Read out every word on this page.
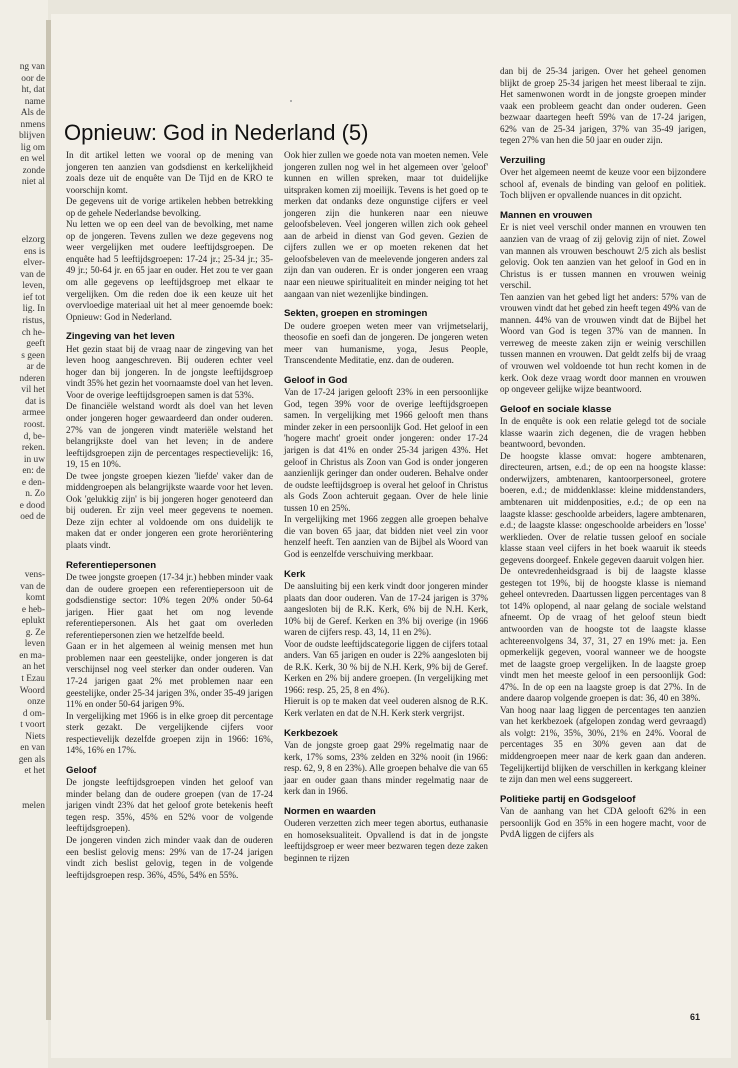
ng van
oor de
ht, dat
name
Als de
nmens
blijven
lig om
en wel
zonde
niet al
elzorg
ens is
elver-
van de
leven,
ief tot
lig. In
ristus,
ch he-
geeft
s geen
ar de
nderen
vil het
dat is
armee
roost.
d, be-
reken.
in uw
en: de
e den-
n. Zo
e dood
oed de
vens-
van de
komt
e heb-
eplukt
g. Ze
leven
en ma-
an het
t Ezau
Woord
onze
d om-
t voort
Niets
en van
gen als
et het
melen
Opnieuw: God in Nederland (5)

In dit artikel letten we vooral op de mening van jongeren ten aanzien van godsdienst en kerkelijkheid zoals deze uit de enquête van De Tijd en de KRO te voorschijn komt.

De gegevens uit de vorige artikelen hebben betrekking op de gehele Nederlandse bevolking.

Nu letten we op een deel van de bevolking, met name op de jongeren. Tevens zullen we deze gegevens nog weer vergelijken met oudere leeftijdsgroepen. De enquête had 5 leeftijdsgroepen: 17-24 jr.; 25-34 jr.; 35-49 jr.; 50-64 jr. en 65 jaar en ouder. Het zou te ver gaan om alle gegevens op leeftijdsgroep met elkaar te vergelijken. Om die reden doe ik een keuze uit het overvloedige materiaal uit het al meer genoemde boek: Opnieuw: God in Nederland.

Zingeving van het leven

Het gezin staat bij de vraag naar de zingeving van het leven hoog aangeschreven. Bij ouderen echter veel hoger dan bij jongeren. In de jongste leeftijdsgroep vindt 35% het gezin het voornaamste doel van het leven. Voor de overige leeftijdsgroepen samen is dat 53%.

De financiële welstand wordt als doel van het leven onder jongeren hoger gewaardeerd dan onder ouderen. 27% van de jongeren vindt materiële welstand het belangrijkste doel van het leven; in de andere leeftijdsgroepen zijn de percentages respectievelijk: 16, 19, 15 en 10%.

De twee jongste groepen kiezen 'liefde' vaker dan de middengroepen als belangrijkste waarde voor het leven. Ook 'gelukkig zijn' is bij jongeren hoger genoteerd dan bij ouderen. Er zijn veel meer gegevens te noemen. Deze zijn echter al voldoende om ons duidelijk te maken dat er onder jongeren een grote heroriëntering plaats vindt.

Referentiepersonen

De twee jongste groepen (17-34 jr.) hebben minder vaak dan de oudere groepen een referentiepersoon uit de godsdienstige sector: 10% tegen 20% onder 50-64 jarigen. Hier gaat het om nog levende referentiepersonen. Als het gaat om overleden referentiepersonen zien we hetzelfde beeld.

Gaan er in het algemeen al weinig mensen met hun problemen naar een geestelijke, onder jongeren is dat verschijnsel nog veel sterker dan onder ouderen. Van 17-24 jarigen gaat 2% met problemen naar een geestelijke, onder 25-34 jarigen 3%, onder 35-49 jarigen 11% en onder 50-64 jarigen 9%.

In vergelijking met 1966 is in elke groep dit percentage sterk gezakt. De vergelijkende cijfers voor respectievelijk dezelfde groepen zijn in 1966: 16%, 14%, 16% en 17%.

Geloof

De jongste leeftijdsgroepen vinden het geloof van minder belang dan de oudere groepen (van de 17-24 jarigen vindt 23% dat het geloof grote betekenis heeft tegen resp. 35%, 45% en 52% voor de volgende leeftijdsgroepen).

De jongeren vinden zich minder vaak dan de ouderen een beslist gelovig mens: 29% van de 17-24 jarigen vindt zich beslist gelovig, tegen in de volgende leeftijdsgroepen resp. 36%, 45%, 54% en 55%.

Ook hier zullen we goede nota van moeten nemen. Vele jongeren zullen nog wel in het algemeen over 'geloof' kunnen en willen spreken, maar tot duidelijke uitspraken komen zij moeilijk. Tevens is het goed op te merken dat ondanks deze ongunstige cijfers er veel jongeren zijn die hunkeren naar een nieuwe geloofsbeleven. Veel jongeren willen zich ook geheel aan de arbeid in dienst van God geven. Gezien de cijfers zullen we er op moeten rekenen dat het geloofsbeleven van de meelevende jongeren anders zal zijn dan van ouderen. Er is onder jongeren een vraag naar een nieuwe spiritualiteit en minder neiging tot het aangaan van niet wezenlijke bindingen.

Sekten, groepen en stromingen

De oudere groepen weten meer van vrijmetselarij, theosofie en soefi dan de jongeren. De jongeren weten meer van humanisme, yoga, Jesus People, Transcendente Meditatie, enz. dan de ouderen.

Geloof in God

Van de 17-24 jarigen gelooft 23% in een persoonlijke God, tegen 39% voor de overige leeftijdsgroepen samen. In vergelijking met 1966 gelooft men thans minder zeker in een persoonlijk God. Het geloof in een 'hogere macht' groeit onder jongeren: onder 17-24 jarigen is dat 41% en onder 25-34 jarigen 43%. Het geloof in Christus als Zoon van God is onder jongeren aanzienlijk geringer dan onder ouderen. Behalve onder de oudste leeftijdsgroep is overal het geloof in Christus als Gods Zoon achteruit gegaan. Over de hele linie tussen 10 en 25%.

In vergelijking met 1966 zeggen alle groepen behalve die van boven 65 jaar, dat bidden niet veel zin voor henzelf heeft. Ten aanzien van de Bijbel als Woord van God is eenzelfde verschuiving merkbaar.

Kerk

De aansluiting bij een kerk vindt door jongeren minder plaats dan door ouderen. Van de 17-24 jarigen is 37% aangesloten bij de R.K. Kerk, 6% bij de N.H. Kerk, 10% bij de Geref. Kerken en 3% bij overige (in 1966 waren de cijfers resp. 43, 14, 11 en 2%).

Voor de oudste leeftijdscategorie liggen de cijfers totaal anders. Van 65 jarigen en ouder is 22% aangesloten bij de R.K. Kerk, 30 % bij de N.H. Kerk, 9% bij de Geref. Kerken en 2% bij andere groepen. (In vergelijking met 1966: resp. 25, 25, 8 en 4%).

Hieruit is op te maken dat veel ouderen alsnog de R.K. Kerk verlaten en dat de N.H. Kerk sterk vergrijst.

Kerkbezoek

Van de jongste groep gaat 29% regelmatig naar de kerk, 17% soms, 23% zelden en 32% nooit (in 1966: resp. 62, 9, 8 en 23%). Alle groepen behalve die van 65 jaar en ouder gaan thans minder regelmatig naar de kerk dan in 1966.

Normen en waarden

Ouderen verzetten zich meer tegen abortus, euthanasie en homoseksualiteit. Opvallend is dat in de jongste leeftijdsgroep er weer meer bezwaren tegen deze zaken beginnen te rijzen

dan bij de 25-34 jarigen. Over het geheel genomen blijkt de groep 25-34 jarigen het meest liberaal te zijn. Het samenwonen wordt in de jongste groepen minder vaak een probleem geacht dan onder ouderen. Geen bezwaar daartegen heeft 59% van de 17-24 jarigen, 62% van de 25-34 jarigen, 37% van 35-49 jarigen, tegen 27% van hen die 50 jaar en ouder zijn.

Verzuiling

Over het algemeen neemt de keuze voor een bijzondere school af, evenals de binding van geloof en politiek. Toch blijven er opvallende nuances in dit opzicht.

Mannen en vrouwen

Er is niet veel verschil onder mannen en vrouwen ten aanzien van de vraag of zij gelovig zijn of niet. Zowel van mannen als vrouwen beschouwt 2/5 zich als beslist gelovig. Ook ten aanzien van het geloof in God en in Christus is er tussen mannen en vrouwen weinig verschil.

Ten aanzien van het gebed ligt het anders: 57% van de vrouwen vindt dat het gebed zin heeft tegen 49% van de mannen. 44% van de vrouwen vindt dat de Bijbel het Woord van God is tegen 37% van de mannen. In verreweg de meeste zaken zijn er weinig verschillen tussen mannen en vrouwen. Dat geldt zelfs bij de vraag of vrouwen wel voldoende tot hun recht komen in de kerk. Ook deze vraag wordt door mannen en vrouwen op ongeveer gelijke wijze beantwoord.

Geloof en sociale klasse

In de enquête is ook een relatie gelegd tot de sociale klasse waarin zich degenen, die de vragen hebben beantwoord, bevonden.

De hoogste klasse omvat: hogere ambtenaren, directeuren, artsen, e.d.; de op een na hoogste klasse: onderwijzers, ambtenaren, kantoorpersoneel, grotere boeren, e.d.; de middenklasse: kleine middenstanders, ambtenaren uit middenposities, e.d.; de op een na laagste klasse: geschoolde arbeiders, lagere ambtenaren, e.d.; de laagste klasse: ongeschoolde arbeiders en 'losse' werklieden. Over de relatie tussen geloof en sociale klasse staan veel cijfers in het boek waaruit ik steeds gegevens doorgeef. Enkele gegeven daaruit volgen hier.

De ontevredenheidsgraad is bij de laagste klasse gestegen tot 19%, bij de hoogste klasse is niemand geheel ontevreden. Daartussen liggen percentages van 8 tot 14% oplopend, al naar gelang de sociale welstand afneemt. Op de vraag of het geloof steun biedt antwoorden van de hoogste tot de laagste klasse achtereenvolgens 34, 37, 31, 27 en 19% met: ja. Een opmerkelijk gegeven, vooral wanneer we de hoogste met de laagste groep vergelijken. In de laagste groep vindt men het meeste geloof in een persoonlijk God: 47%. In de op een na laagste groep is dat 27%. In de andere daarop volgende groepen is dat: 36, 40 en 38%.

Van hoog naar laag liggen de percentages ten aanzien van het kerkbezoek (afgelopen zondag werd gevraagd) als volgt: 21%, 35%, 30%, 21% en 24%. Vooral de percentages 35 en 30% geven aan dat de middengroepen meer naar de kerk gaan dan anderen. Tegelijkertijd blijken de verschillen in kerkgang kleiner te zijn dan men wel eens suggereert.

Politieke partij en Godsgeloof

Van de aanhang van het CDA gelooft 62% in een persoonlijk God en 35% in een hogere macht, voor de PvdA liggen de cijfers als

61
